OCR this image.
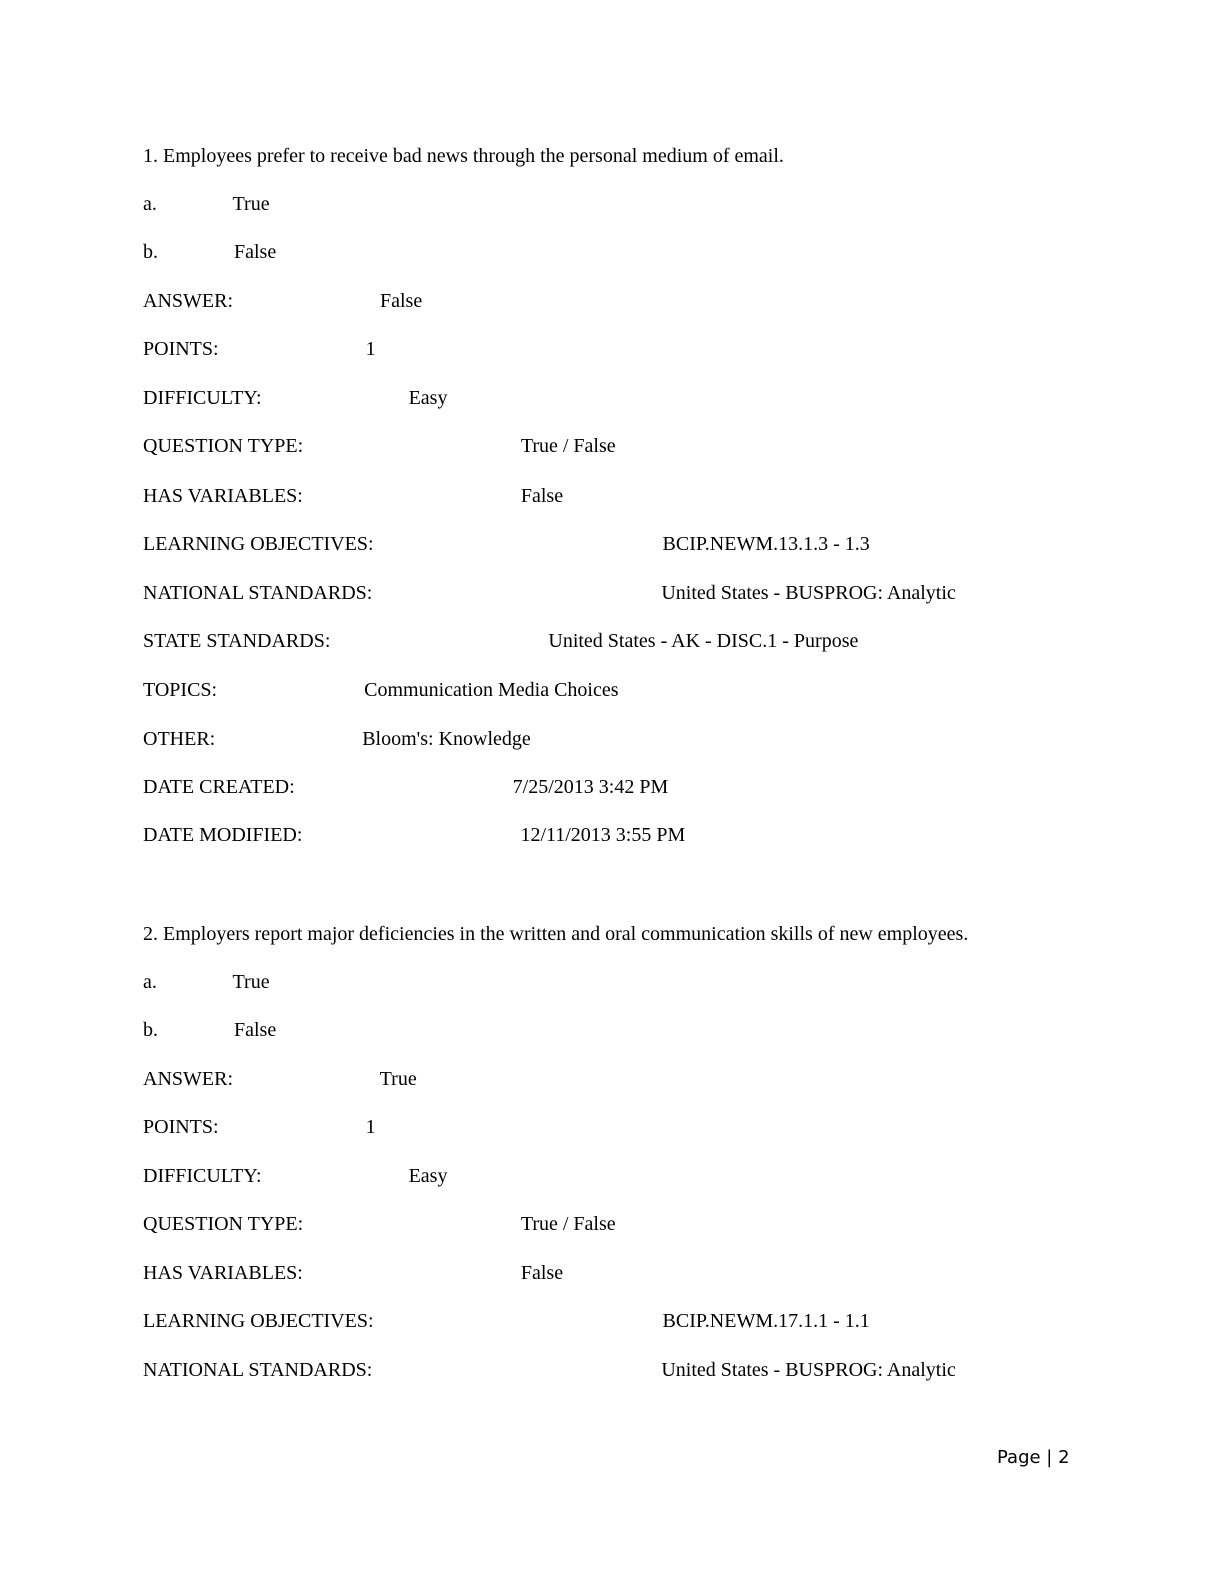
1. Employees prefer to receive bad news through the personal medium of email.
a.	True
b.	False
ANSWER:	False
POINTS:	1
DIFFICULTY:	Easy
QUESTION TYPE:	True / False
HAS VARIABLES:	False
LEARNING OBJECTIVES:	BCIP.NEWM.13.1.3 - 1.3
NATIONAL STANDARDS:	United States - BUSPROG: Analytic
STATE STANDARDS:	United States - AK - DISC.1 - Purpose
TOPICS:	Communication Media Choices
OTHER:	Bloom's: Knowledge
DATE CREATED:	7/25/2013 3:42 PM
DATE MODIFIED:	12/11/2013 3:55 PM
2. Employers report major deficiencies in the written and oral communication skills of new employees.
a.	True
b.	False
ANSWER:	True
POINTS:	1
DIFFICULTY:	Easy
QUESTION TYPE:	True / False
HAS VARIABLES:	False
LEARNING OBJECTIVES:	BCIP.NEWM.17.1.1 - 1.1
NATIONAL STANDARDS:	United States - BUSPROG: Analytic
Page | 2
